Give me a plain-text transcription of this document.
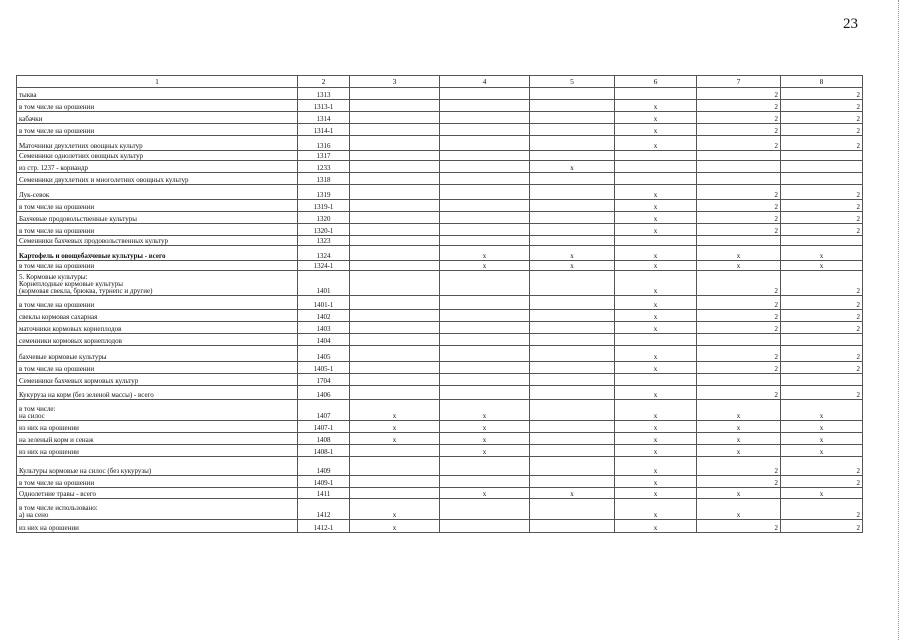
23
1	2	3	4	5	6	7	8
тыква	1313					2	2
в том числе на орошении	1313-1				х	2	2
кабачки	1314				х	2	2
в том числе на орошении	1314-1				х	2	2
Маточники двухлетних овощных культур	1316				х	2	2
Семенники однолетних овощных культур	1317						
из стр. 1237 - кориандр	1233			х			
Семенники двухлетних и многолетних овощных культур	1318						
Лук-севок	1319				х	2	2
в том числе на орошении	1319-1				х	2	2
Бахчевые продовольственные культуры	1320				х	2	2
в том числе на орошении	1320-1				х	2	2
Семенники бахчевых продовольственных культур	1323						
Картофель и овощебахчевые культуры - всего	1324		х	х	х	х	х
в том числе на орошении	1324-1		х	х	х	х	х
5. Кормовые культуры:
Корнеплодные кормовые культуры
(кормовая свекла, брюква, турнепс и другие)	1401				х	2	2
в том числе на орошении	1401-1				х	2	2
свеклы кормовая сахарная	1402				х	2	2
маточники кормовых корнеплодов	1403				х	2	2
семенники кормовых корнеплодов	1404						
бахчевые кормовые культуры	1405				х	2	2
в том числе на орошении	1405-1				х	2	2
Семенники бахчевых кормовых культур	1704						
Кукуруза на корм (без зеленой массы) - всего	1406				х	2	2
в том числе:
на силос	1407	х	х		х	х	х
из них на орошении	1407-1	х	х		х	х	х
на зеленый корм и сенаж	1408	х	х		х	х	х
из них на орошении	1408-1		х		х	х	х
Культуры кормовые на силос (без кукурузы)	1409				х	2	2
в том числе на орошении	1409-1				х	2	2
Однолетние травы - всего	1411		х	х	х	х	х
в том числе использовано:
а) на сено	1412	х			х	х	2
из них на орошении	1412-1	х			х	2	2
